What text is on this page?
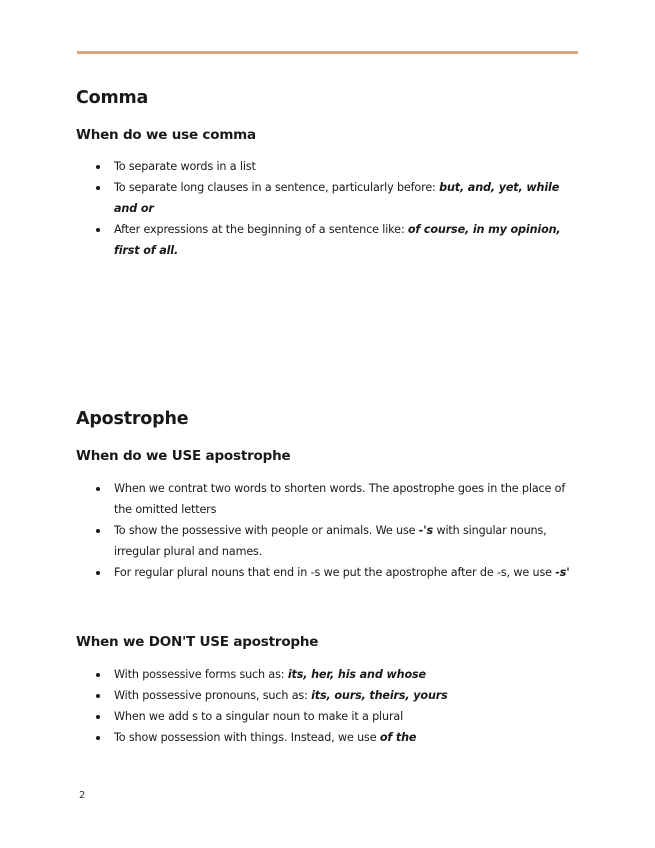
Comma
When do we use comma
To separate words in a list
To separate long clauses in a sentence, particularly before: but, and, yet, while and or
After expressions at the beginning of a sentence like: of course, in my opinion, first of all.
Apostrophe
When do we USE apostrophe
When we contrat two words to shorten words. The apostrophe goes in the place of the omitted letters
To show the possessive with people or animals. We use -'s with singular nouns, irregular plural and names.
For regular plural nouns that end in -s we put the apostrophe after de -s, we use -s'
When we DON'T USE apostrophe
With possessive forms such as: its, her, his and whose
With possessive pronouns, such as: its, ours, theirs, yours
When we add s to a singular noun to make it a plural
To show possession with things. Instead, we use of the
2
